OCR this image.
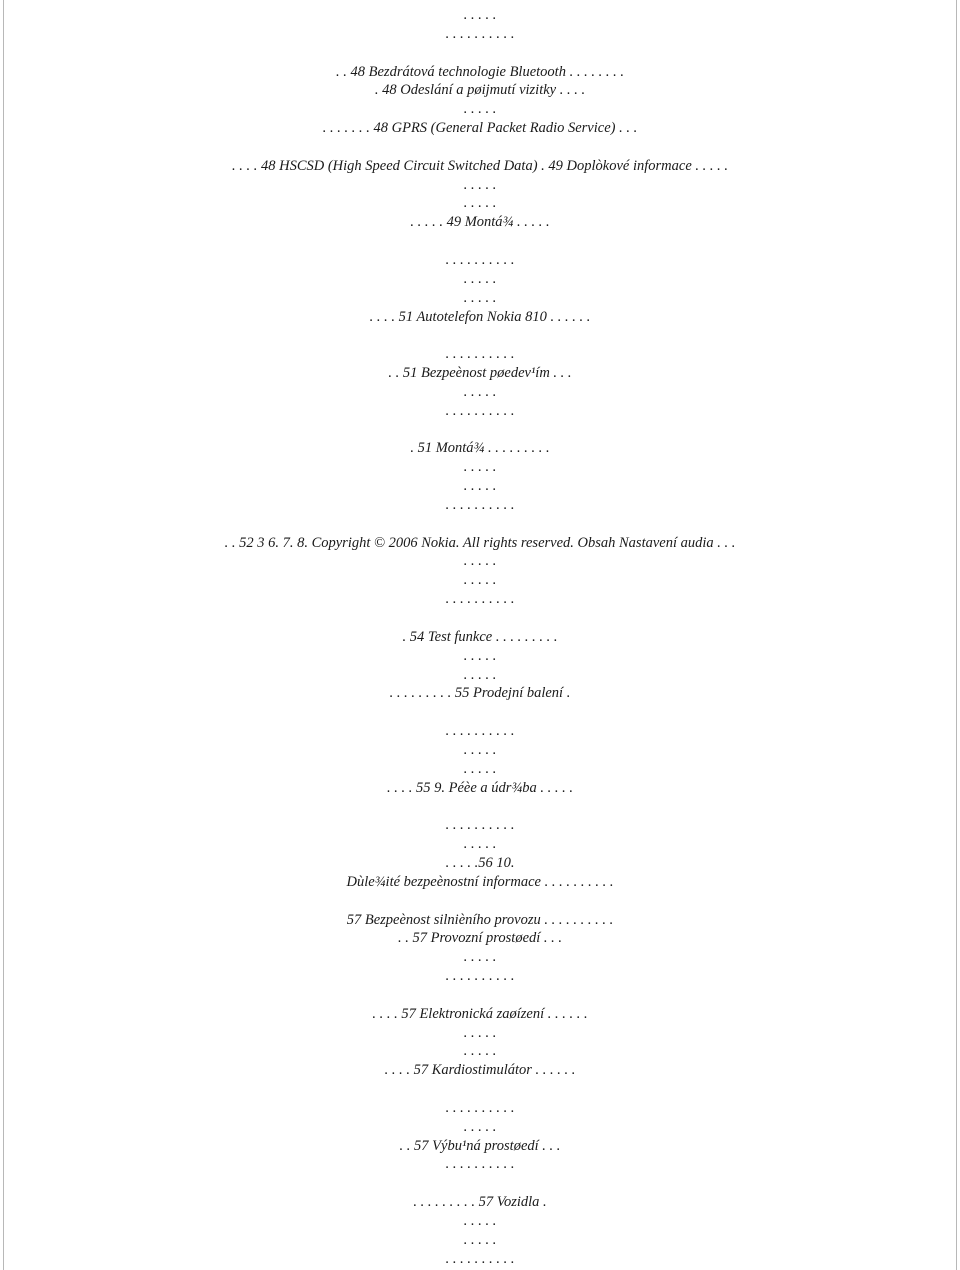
. . . . .
. . . . . . . . . .
. . 48 Bezdrátová technologie Bluetooth . . . . . . . .
. 48 Odeslání a pøijmutí vizitky . . . .
. . . . .
. . . . . . . 48 GPRS (General Packet Radio Service) . . .
. . . . 48 HSCSD (High Speed Circuit Switched Data) . 49 Doplòkové informace . . . . .
. . . . .
. . . . .
. . . . . 49 Montá¾ . . . . .
. . . . . . . . . .
. . . . .
. . . . .
. . . . 51 Autotelefon Nokia 810 . . . . . .
. . . . . . . . . .
. . 51 Bezpeènost pøedev¹ím . . .
. . . . .
. . . . . . . . . .
. 51 Montá¾ . . . . . . . . .
. . . . .
. . . . .
. . . . . . . . . .
. . 52 3 6. 7. 8. Copyright © 2006 Nokia. All rights reserved. Obsah Nastavení audia . . .
. . . . .
. . . . .
. . . . . . . . . .
. 54 Test funkce . . . . . . . . .
. . . . .
. . . . .
. . . . . . . . . 55 Prodejní balení .
. . . . . . . . . .
. . . . .
. . . . .
. . . . 55 9. Péèe a údr¾ba . . . . .
. . . . . . . . . .
. . . . .
. . . . .56 10.
Dùle¾ité bezpeènostní informace . . . . . . . . . .
57 Bezpeènost silnièního provozu . . . . . . . . . .
. . 57 Provozní prostøedí . . .
. . . . .
. . . . . . . . . .
. . . . 57 Elektronická zaøízení . . . . . .
. . . . .
. . . . .
. . . . 57 Kardiostimulátor . . . . . .
. . . . . . . . . .
. . . . .
. . 57 Výbu¹ná prostøedí . . .
. . . . . . . . . .
. . . . . . . . . 57 Vozidla .
. . . . .
. . . . .
. . . . . . . . . .
